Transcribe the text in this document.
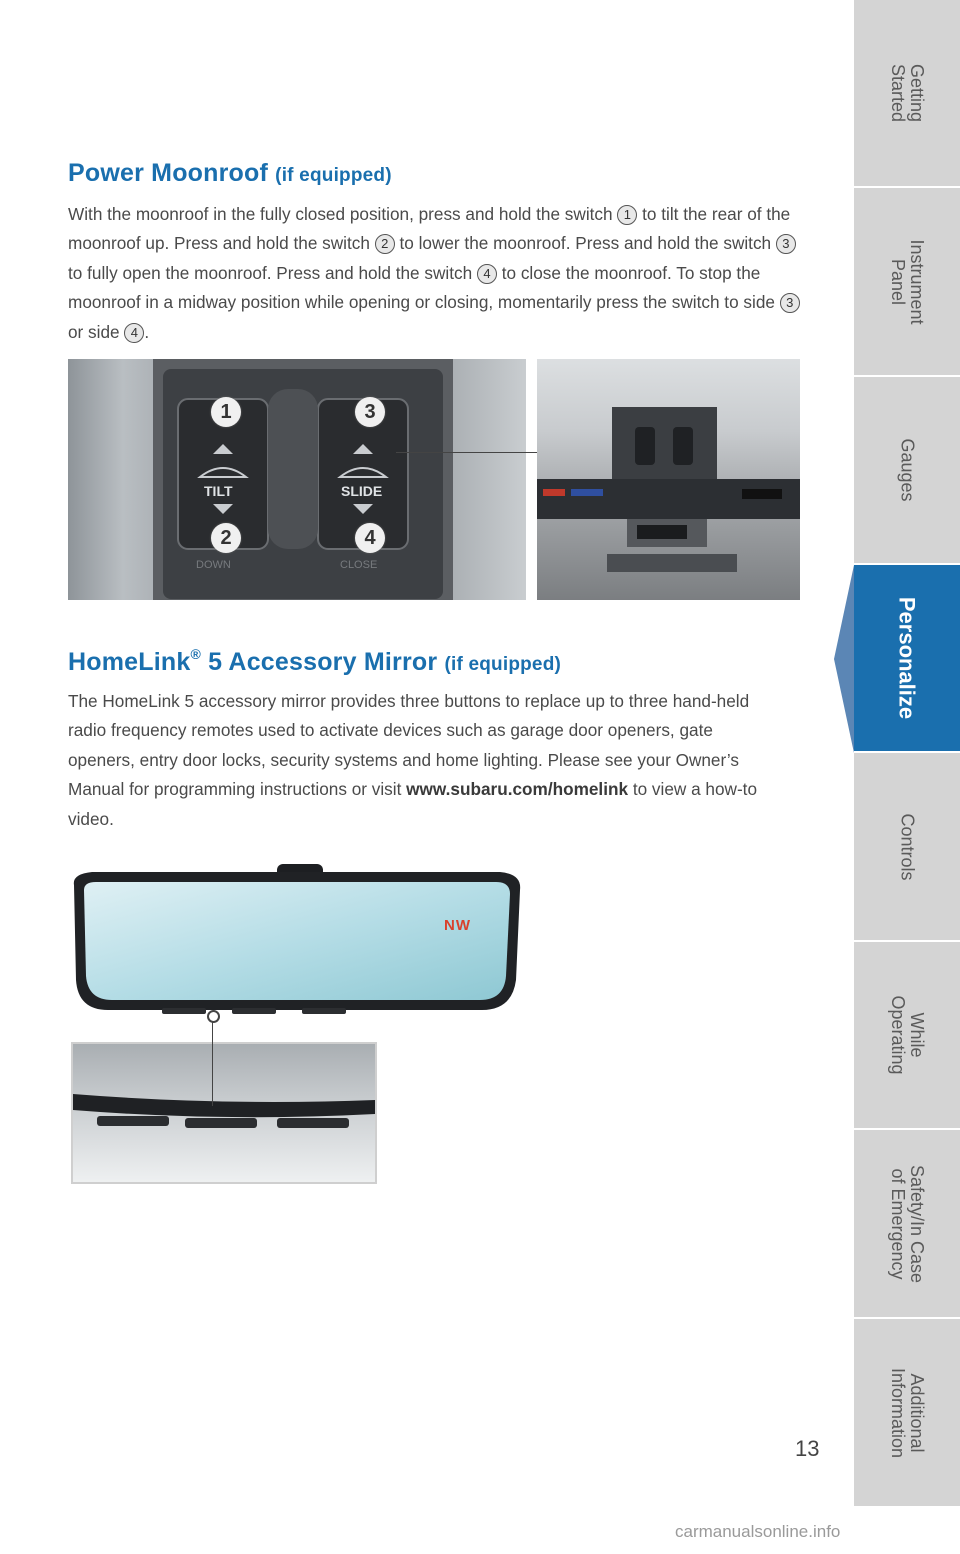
Power Moonroof (if equipped)

With the moonroof in the fully closed position, press and hold the switch 1 to tilt the rear of the moonroof up. Press and hold the switch 2 to lower the moonroof. Press and hold the switch 3 to fully open the moonroof. Press and hold the switch 4 to close the moonroof. To stop the moonroof in a midway position while opening or closing, momentarily press the switch to side 3 or side 4 .

TILT	SLIDE
DOWN	CLOSE
1	3
2	4
HomeLink® 5 Accessory Mirror (if equipped)

The HomeLink 5 accessory mirror provides three buttons to replace up to three hand-held radio frequency remotes used to activate devices such as garage door openers, gate openers, entry door locks, security systems and home lighting. Please see your Owner’s Manual for programming instructions or visit www.subaru.com/homelink to view a how-to video.

NW
Getting
Started
Instrument
Panel
Gauges
Personalize
Controls
While
Operating
Safety/In Case
of Emergency
Additional
Information
13
carmanualsonline.info
